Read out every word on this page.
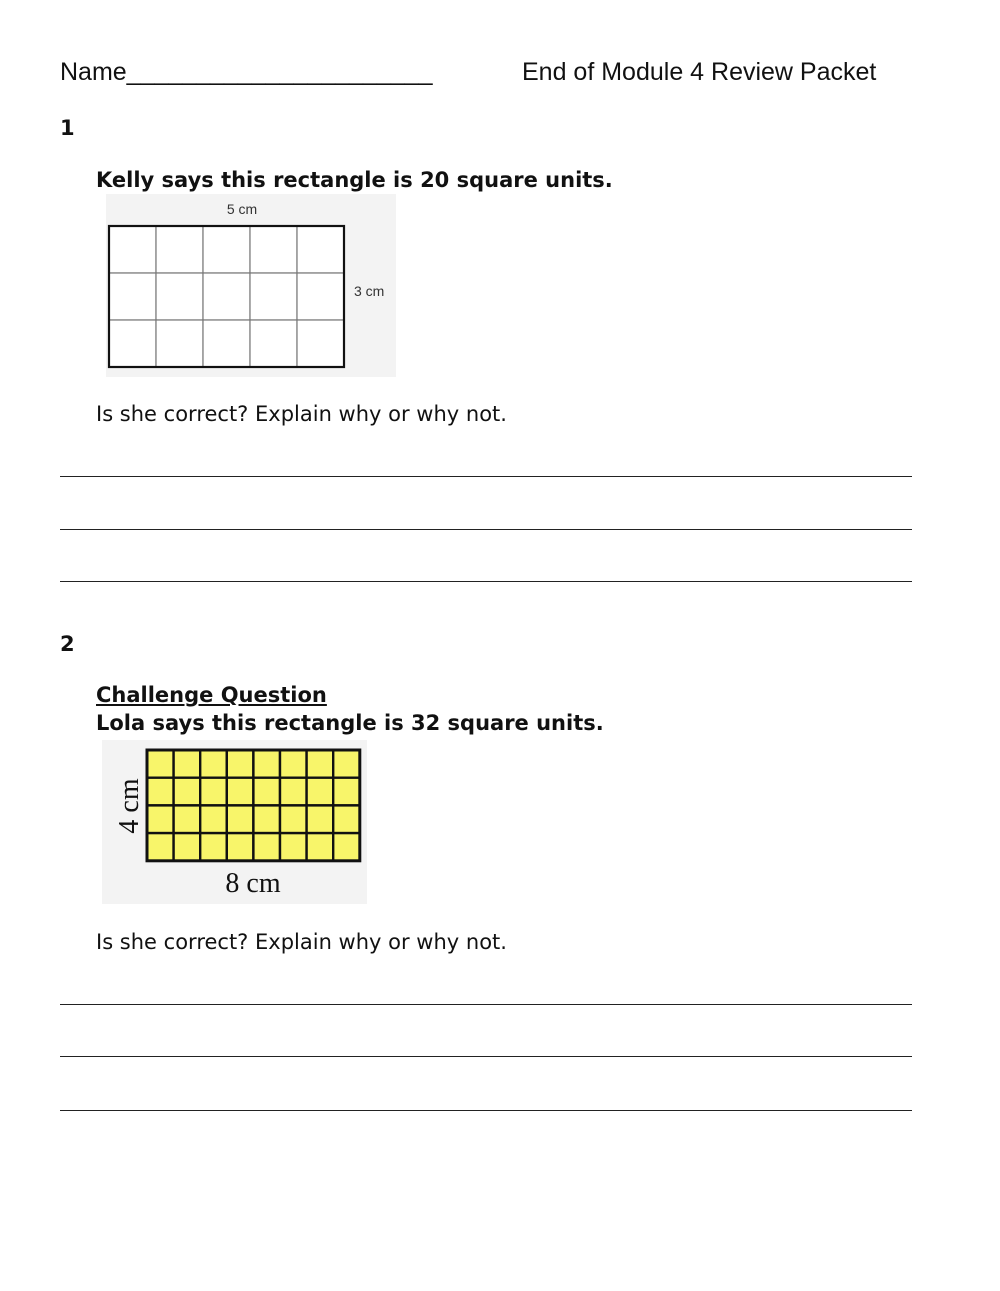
Name______________________	End of Module 4 Review Packet
1
Kelly says this rectangle is 20 square units.
5 cm
3 cm
Is she correct? Explain why or why not.
2
Challenge Question
Lola says this rectangle is 32 square units.
4 cm
8 cm
Is she correct? Explain why or why not.
